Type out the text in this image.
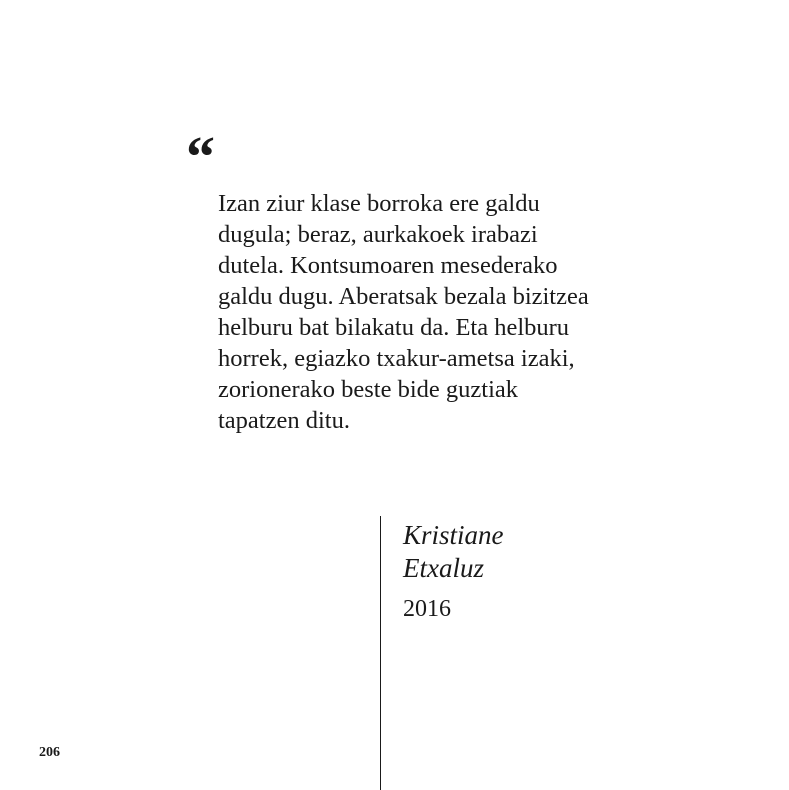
“
Izan ziur klase borroka ere galdu
dugula; beraz, aurkakoek irabazi
dutela. Kontsumoaren mesederako
galdu dugu. Aberatsak bezala bizitzea
helburu bat bilakatu da. Eta helburu
horrek, egiazko txakur-ametsa izaki,
zorionerako beste bide guztiak
tapatzen ditu.
Kristiane
Etxaluz
2016
206
